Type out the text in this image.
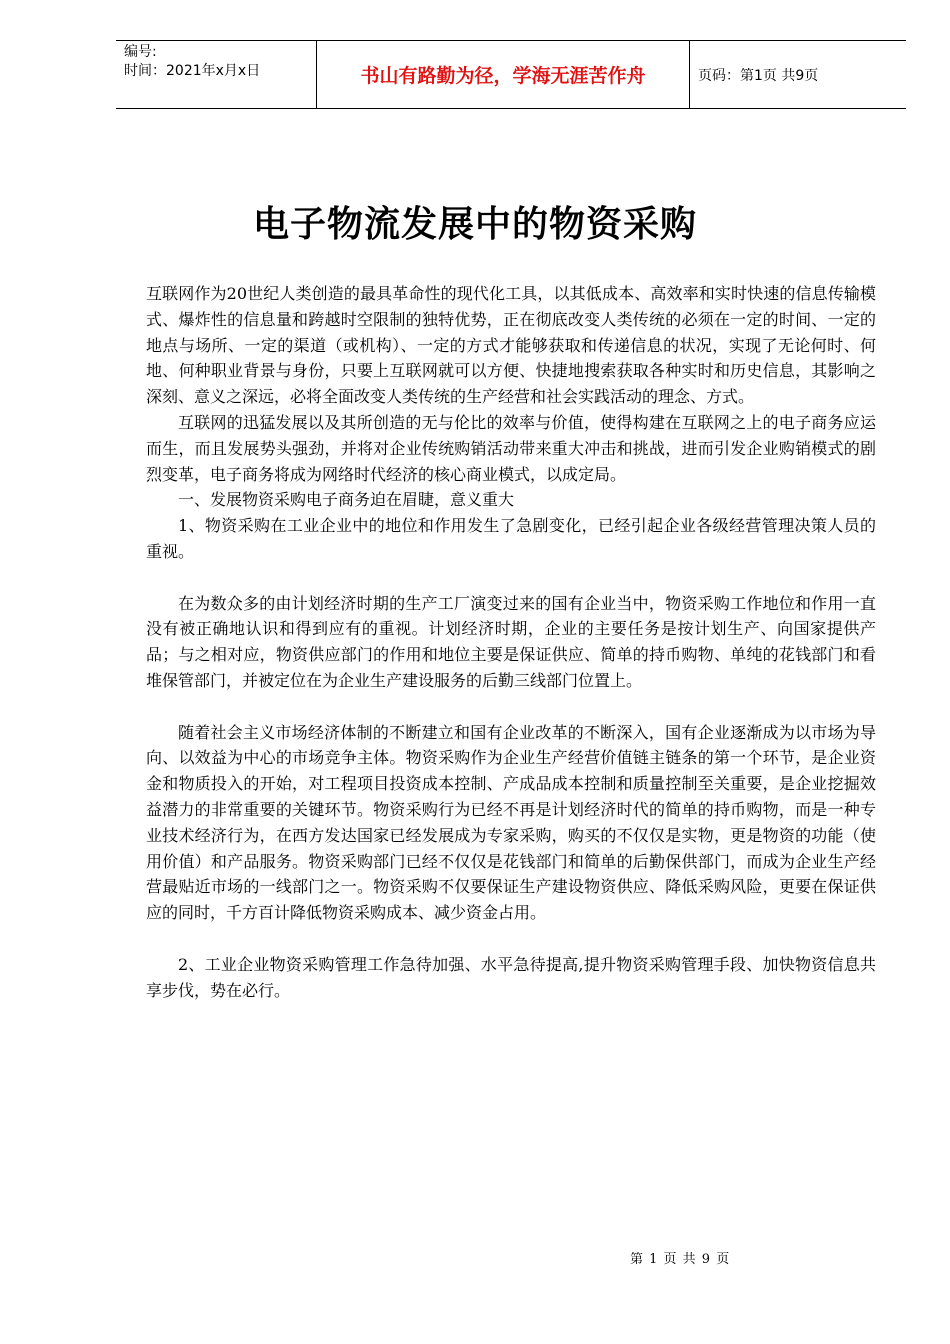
编号:
时间：2021年x月x日	书山有路勤为径，学海无涯苦作舟	页码：第1页 共9页
电子物流发展中的物资采购

互联网作为20世纪人类创造的最具革命性的现代化工具，以其低成本、高效率和实时快速的信息传输模式、爆炸性的信息量和跨越时空限制的独特优势，正在彻底改变人类传统的必须在一定的时间、一定的地点与场所、一定的渠道（或机构）、一定的方式才能够获取和传递信息的状况，实现了无论何时、何地、何种职业背景与身份，只要上互联网就可以方便、快捷地搜索获取各种实时和历史信息，其影响之深刻、意义之深远，必将全面改变人类传统的生产经营和社会实践活动的理念、方式。

互联网的迅猛发展以及其所创造的无与伦比的效率与价值，使得构建在互联网之上的电子商务应运而生，而且发展势头强劲，并将对企业传统购销活动带来重大冲击和挑战，进而引发企业购销模式的剧烈变革，电子商务将成为网络时代经济的核心商业模式，以成定局。

一、发展物资采购电子商务迫在眉睫，意义重大

1、物资采购在工业企业中的地位和作用发生了急剧变化，已经引起企业各级经营管理决策人员的重视。

在为数众多的由计划经济时期的生产工厂演变过来的国有企业当中，物资采购工作地位和作用一直没有被正确地认识和得到应有的重视。计划经济时期，企业的主要任务是按计划生产、向国家提供产品；与之相对应，物资供应部门的作用和地位主要是保证供应、简单的持币购物、单纯的花钱部门和看堆保管部门，并被定位在为企业生产建设服务的后勤三线部门位置上。

随着社会主义市场经济体制的不断建立和国有企业改革的不断深入，国有企业逐渐成为以市场为导向、以效益为中心的市场竞争主体。物资采购作为企业生产经营价值链主链条的第一个环节，是企业资金和物质投入的开始，对工程项目投资成本控制、产成品成本控制和质量控制至关重要，是企业挖掘效益潜力的非常重要的关键环节。物资采购行为已经不再是计划经济时代的简单的持币购物，而是一种专业技术经济行为，在西方发达国家已经发展成为专家采购，购买的不仅仅是实物，更是物资的功能（使用价值）和产品服务。物资采购部门已经不仅仅是花钱部门和简单的后勤保供部门，而成为企业生产经营最贴近市场的一线部门之一。物资采购不仅要保证生产建设物资供应、降低采购风险，更要在保证供应的同时，千方百计降低物资采购成本、减少资金占用。

2、工业企业物资采购管理工作急待加强、水平急待提高,提升物资采购管理手段、加快物资信息共享步伐，势在必行。

第 1 页 共 9 页
